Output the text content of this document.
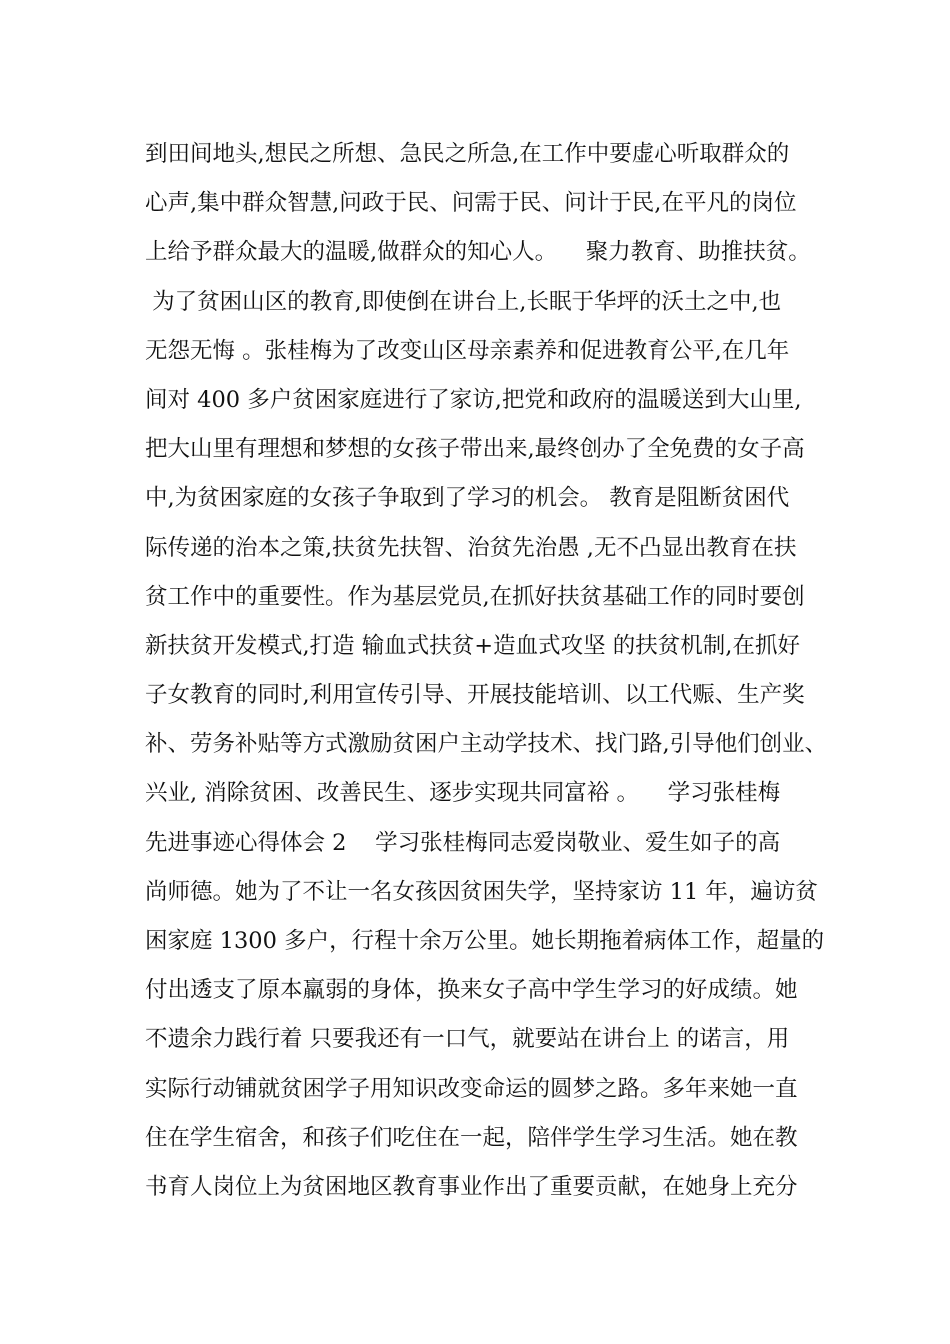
到田间地头,想民之所想、急民之所急,在工作中要虚心听取群众的
心声,集中群众智慧,问政于民、问需于民、问计于民,在平凡的岗位
上给予群众最大的温暖,做群众的知心人。    聚力教育、助推扶贫。
为了贫困山区的教育,即使倒在讲台上,长眠于华坪的沃土之中,也
无怨无悔 。张桂梅为了改变山区母亲素养和促进教育公平,在几年
间对 400 多户贫困家庭进行了家访,把党和政府的温暖送到大山里,
把大山里有理想和梦想的女孩子带出来,最终创办了全免费的女子高
中,为贫困家庭的女孩子争取到了学习的机会。 教育是阻断贫困代
际传递的治本之策,扶贫先扶智、治贫先治愚 ,无不凸显出教育在扶
贫工作中的重要性。作为基层党员,在抓好扶贫基础工作的同时要创
新扶贫开发模式,打造 输血式扶贫+造血式攻坚 的扶贫机制,在抓好
子女教育的同时,利用宣传引导、开展技能培训、以工代赈、生产奖
补、劳务补贴等方式激励贫困户主动学技术、找门路,引导他们创业、
兴业, 消除贫困、改善民生、逐步实现共同富裕 。    学习张桂梅
先进事迹心得体会 2    学习张桂梅同志爱岗敬业、爱生如子的高
尚师德。她为了不让一名女孩因贫困失学，坚持家访 11 年，遍访贫
困家庭 1300 多户，行程十余万公里。她长期拖着病体工作，超量的
付出透支了原本羸弱的身体，换来女子高中学生学习的好成绩。她
不遗余力践行着 只要我还有一口气，就要站在讲台上 的诺言，用
实际行动铺就贫困学子用知识改变命运的圆梦之路。多年来她一直
住在学生宿舍，和孩子们吃住在一起，陪伴学生学习生活。她在教
书育人岗位上为贫困地区教育事业作出了重要贡献，在她身上充分
